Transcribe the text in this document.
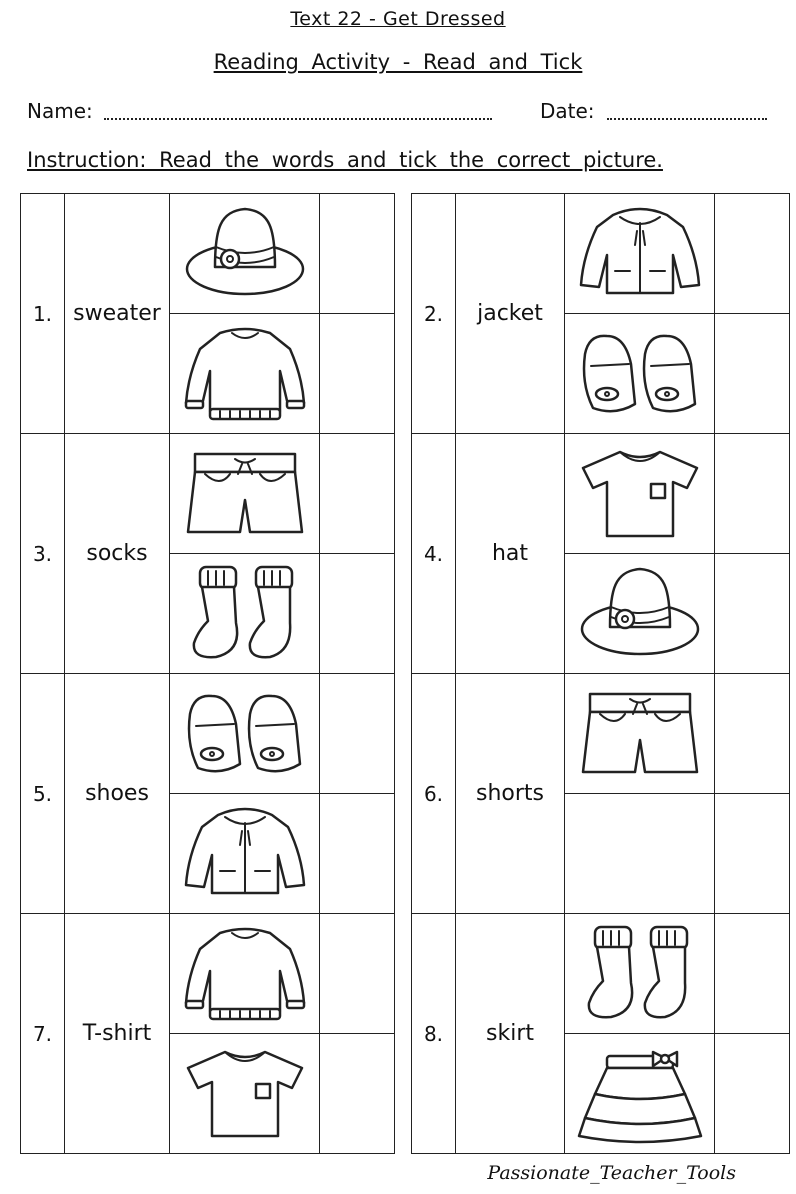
Text 22 - Get Dressed
Reading Activity - Read and Tick
Name:	Date:
Instruction: Read the words and tick the correct picture.
1.	sweater	

3.	socks	

5.	shoes	

7.	T-shirt	

2.	jacket	

4.	hat	

6.	shorts	

8.	skirt	

Passionate_Teacher_Tools
